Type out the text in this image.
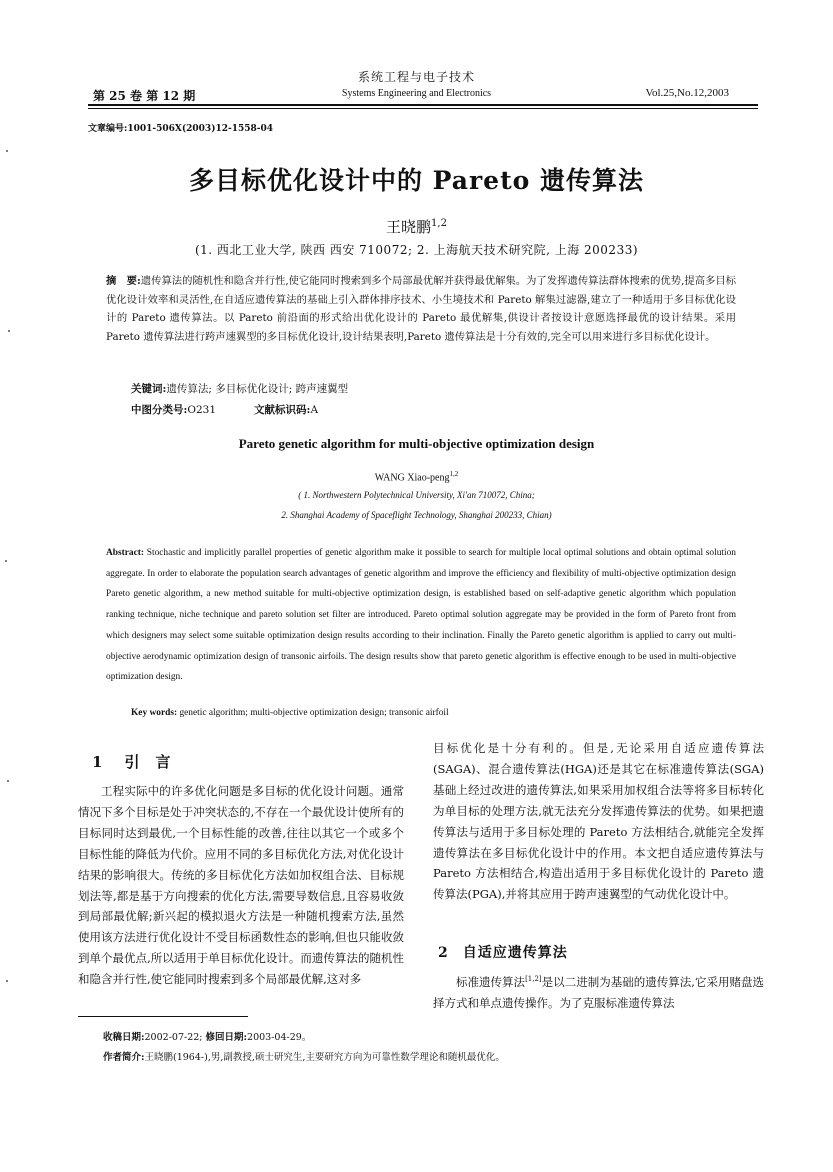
系统工程与电子技术
第 25 卷 第 12 期	Systems Engineering and Electronics	Vol.25,No.12,2003
文章编号:1001-506X(2003)12-1558-04
多目标优化设计中的 Pareto 遗传算法
王晓鹏$^{1,2}$
(1. 西北工业大学, 陕西 西安 710072; 2. 上海航天技术研究院, 上海 200233)
摘　要:遗传算法的随机性和隐含并行性,使它能同时搜索到多个局部最优解并获得最优解集。为了发挥遗传算法群体搜索的优势,提高多目标优化设计效率和灵活性,在自适应遗传算法的基础上引入群体排序技术、小生境技术和 Pareto 解集过滤器,建立了一种适用于多目标优化设计的 Pareto 遗传算法。以 Pareto 前沿面的形式给出优化设计的 Pareto 最优解集,供设计者按设计意愿选择最优的设计结果。采用 Pareto 遗传算法进行跨声速翼型的多目标优化设计,设计结果表明,Pareto 遗传算法是十分有效的,完全可以用来进行多目标优化设计。
关键词:遗传算法; 多目标优化设计; 跨声速翼型
中图分类号:O231	文献标识码:A
Pareto genetic algorithm for multi-objective optimization design
WANG Xiao-peng$^{1,2}$
( 1. Northwestern Polytechnical University, Xi'an 710072, China;
2. Shanghai Academy of Spaceflight Technology, Shanghai 200233, Chian)
Abstract: Stochastic and implicitly parallel properties of genetic algorithm make it possible to search for multiple local optimal solutions and obtain optimal solution aggregate. In order to elaborate the population search advantages of genetic algorithm and improve the efficiency and flexibility of multi-objective optimization design Pareto genetic algorithm, a new method suitable for multi-objective optimization design, is established based on self-adaptive genetic algorithm which population ranking technique, niche technique and pareto solution set filter are introduced. Pareto optimal solution aggregate may be provided in the form of Pareto front from which designers may select some suitable optimization design results according to their inclination. Finally the Pareto genetic algorithm is applied to carry out multi-objective aerodynamic optimization design of transonic airfoils. The design results show that pareto genetic algorithm is effective enough to be used in multi-objective optimization design.
Key words: genetic algorithm; multi-objective optimization design; transonic airfoil
1 引 言
工程实际中的许多优化问题是多目标的优化设计问题。通常情况下多个目标是处于冲突状态的,不存在一个最优设计使所有的目标同时达到最优,一个目标性能的改善,往往以其它一个或多个目标性能的降低为代价。应用不同的多目标优化方法,对优化设计结果的影响很大。传统的多目标优化方法如加权组合法、目标规划法等,都是基于方向搜索的优化方法,需要导数信息,且容易收敛到局部最优解;新兴起的模拟退火方法是一种随机搜索方法,虽然使用该方法进行优化设计不受目标函数性态的影响,但也只能收敛到单个最优点,所以适用于单目标优化设计。而遗传算法的随机性和隐含并行性,使它能同时搜索到多个局部最优解,这对多
目标优化是十分有利的。但是,无论采用自适应遗传算法(SAGA)、混合遗传算法(HGA)还是其它在标准遗传算法(SGA)基础上经过改进的遗传算法,如果采用加权组合法等将多目标转化为单目标的处理方法,就无法充分发挥遗传算法的优势。如果把遗传算法与适用于多目标处理的 Pareto 方法相结合,就能完全发挥遗传算法在多目标优化设计中的作用。本文把自适应遗传算法与 Pareto 方法相结合,构造出适用于多目标优化设计的 Pareto 遗传算法(PGA),并将其应用于跨声速翼型的气动优化设计中。
2 自适应遗传算法
标准遗传算法[1,2]是以二进制为基础的遗传算法,它采用赌盘选择方式和单点遗传操作。为了克服标准遗传算法
收稿日期:2002-07-22; 修回日期:2003-04-29。
作者简介:王晓鹏(1964-),男,副教授,硕士研究生,主要研究方向为可靠性数学理论和随机最优化。
